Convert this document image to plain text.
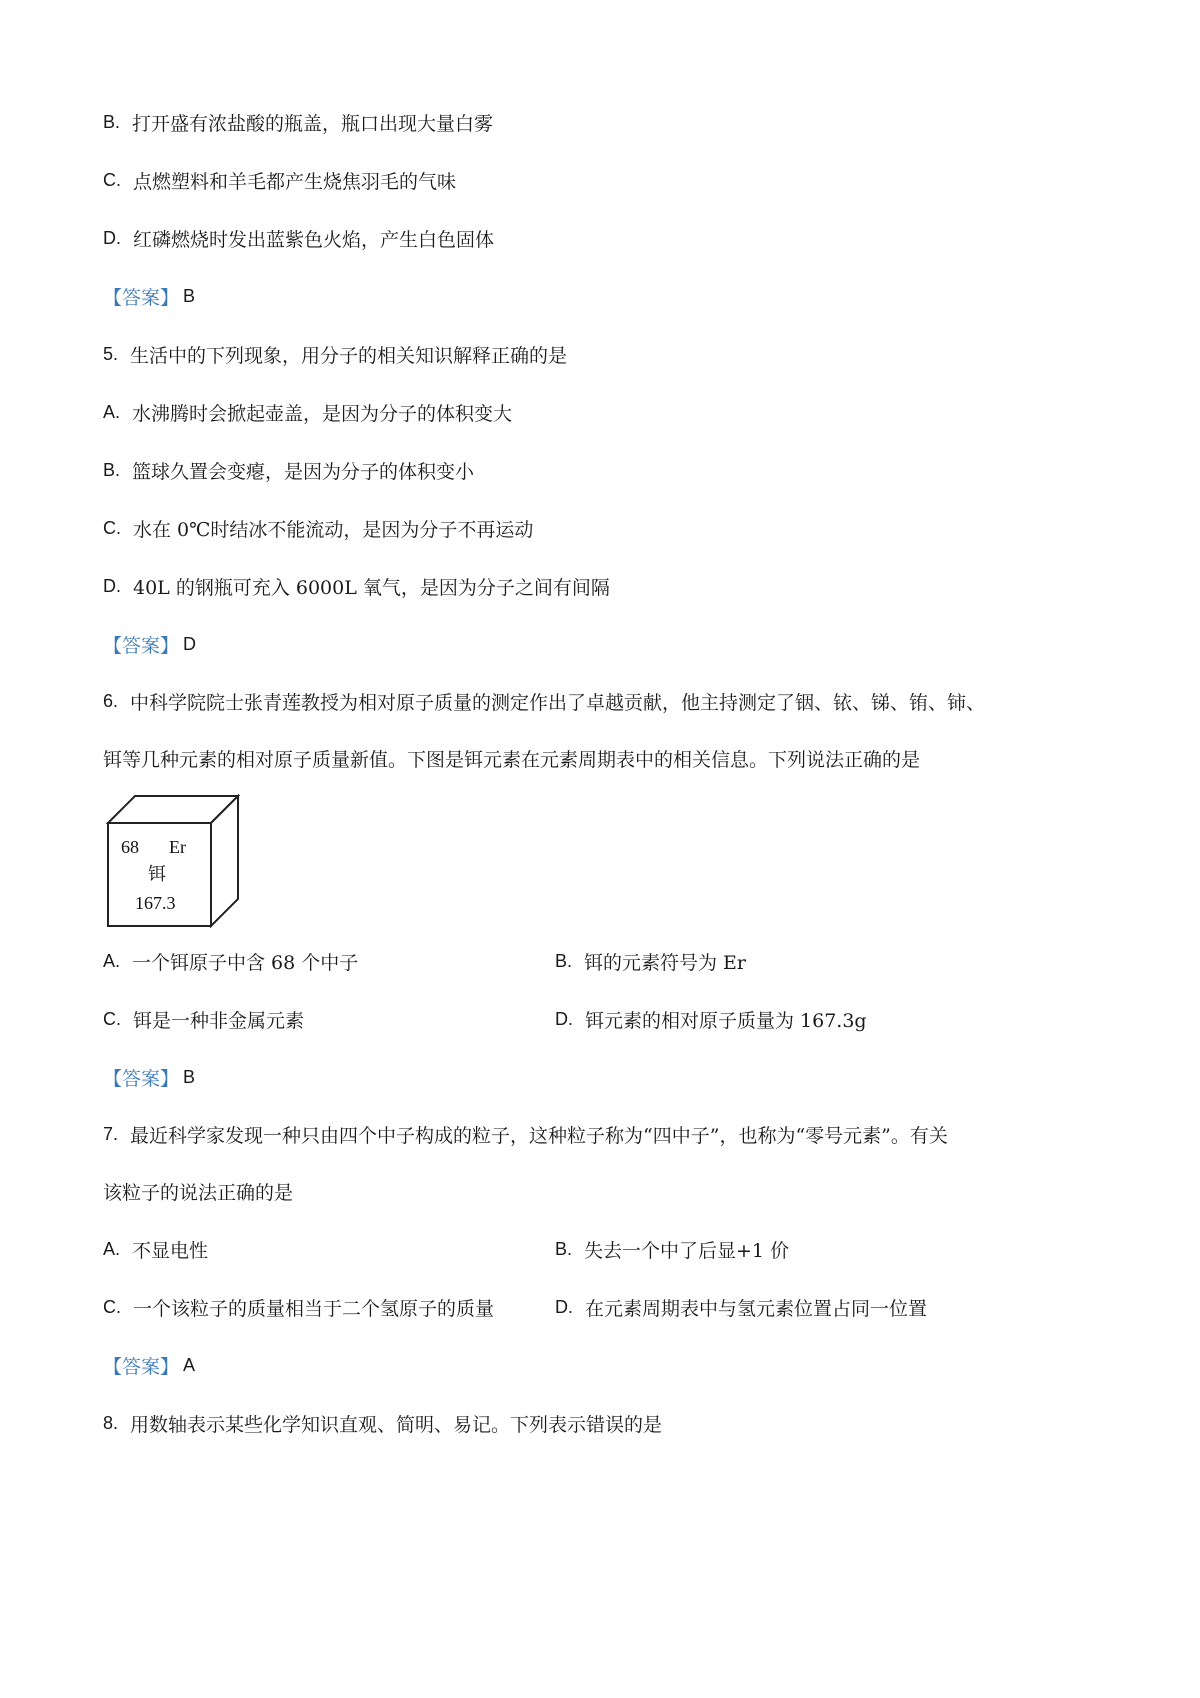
B. 打开盛有浓盐酸的瓶盖，瓶口出现大量白雾
C. 点燃塑料和羊毛都产生烧焦羽毛的气味
D. 红磷燃烧时发出蓝紫色火焰，产生白色固体
【答案】 B
5. 生活中的下列现象，用分子的相关知识解释正确的是
A. 水沸腾时会掀起壶盖，是因为分子的体积变大
B. 篮球久置会变瘪，是因为分子的体积变小
C. 水在 0℃时结冰不能流动，是因为分子不再运动
D. 40L 的钢瓶可充入 6000L 氧气，是因为分子之间有间隔
【答案】 D
6. 中科学院院士张青莲教授为相对原子质量的测定作出了卓越贡献，他主持测定了铟、铱、锑、铕、铈、
铒等几种元素的相对原子质量新值。下图是铒元素在元素周期表中的相关信息。下列说法正确的是
68 Er
铒
167.3
A. 一个铒原子中含 68 个中子	B. 铒的元素符号为 Er
C. 铒是一种非金属元素	D. 铒元素的相对原子质量为 167.3g
【答案】 B
7. 最近科学家发现一种只由四个中子构成的粒子，这种粒子称为“四中子”，也称为“零号元素”。有关
该粒子的说法正确的是
A. 不显电性	B. 失去一个中了后显+1 价
C. 一个该粒子的质量相当于二个氢原子的质量	D. 在元素周期表中与氢元素位置占同一位置
【答案】 A
8. 用数轴表示某些化学知识直观、简明、易记。下列表示错误的是
